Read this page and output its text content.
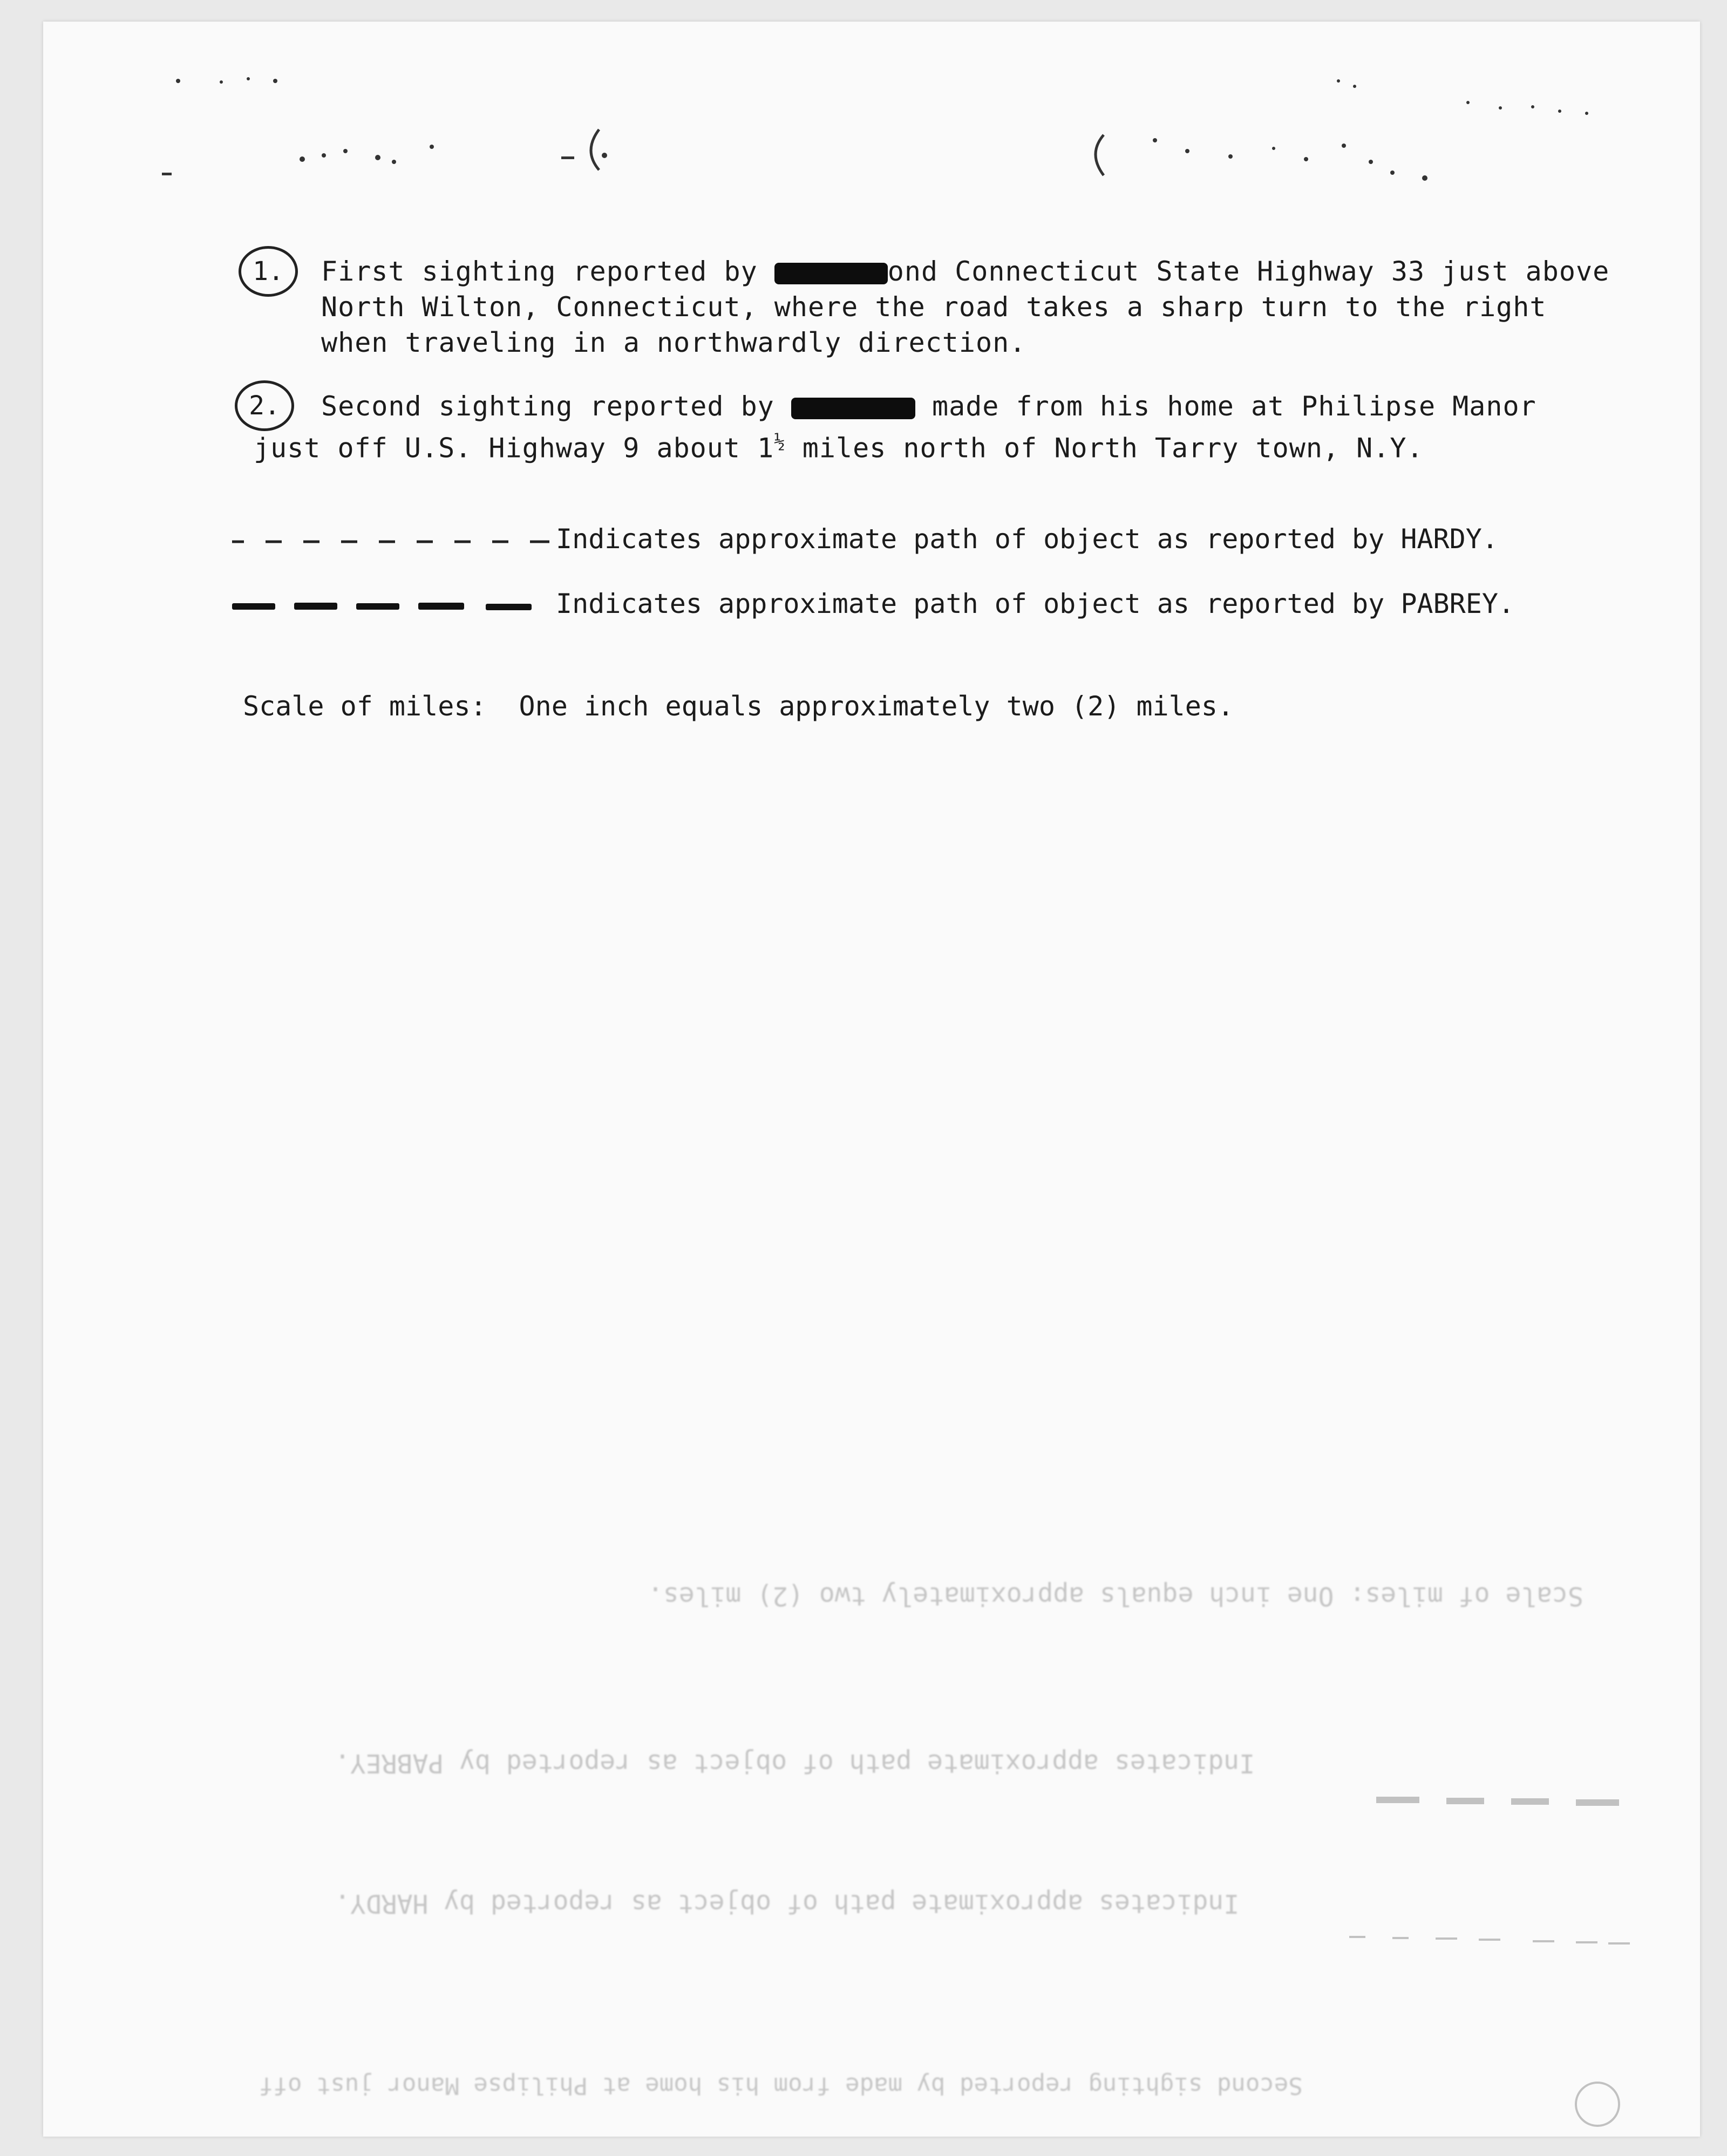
1. First sighting reported by	ond Connecticut State Highway 33 just above
North Wilton, Connecticut, where the road takes a sharp turn to the right
when traveling in a northwardly direction.
2.	Second sighting reported by	made from his home at Philipse Manor
just off U.S. Highway 9 about $1^{\frac{1}{2}}$ miles north of North Tarry town, N.Y.
Indicates approximate path of object as reported by HARDY.
Indicates approximate path of object as reported by PABREY.
Scale of miles: One inch equals approximately two (2) miles.
Scale of miles: One inch equals approximately two (2) miles.
Indicates approximate path of object as reported by PABREY.
Indicates approximate path of object as reported by HARDY.
Second sighting reported by made from his home at Philipse Manor just off
